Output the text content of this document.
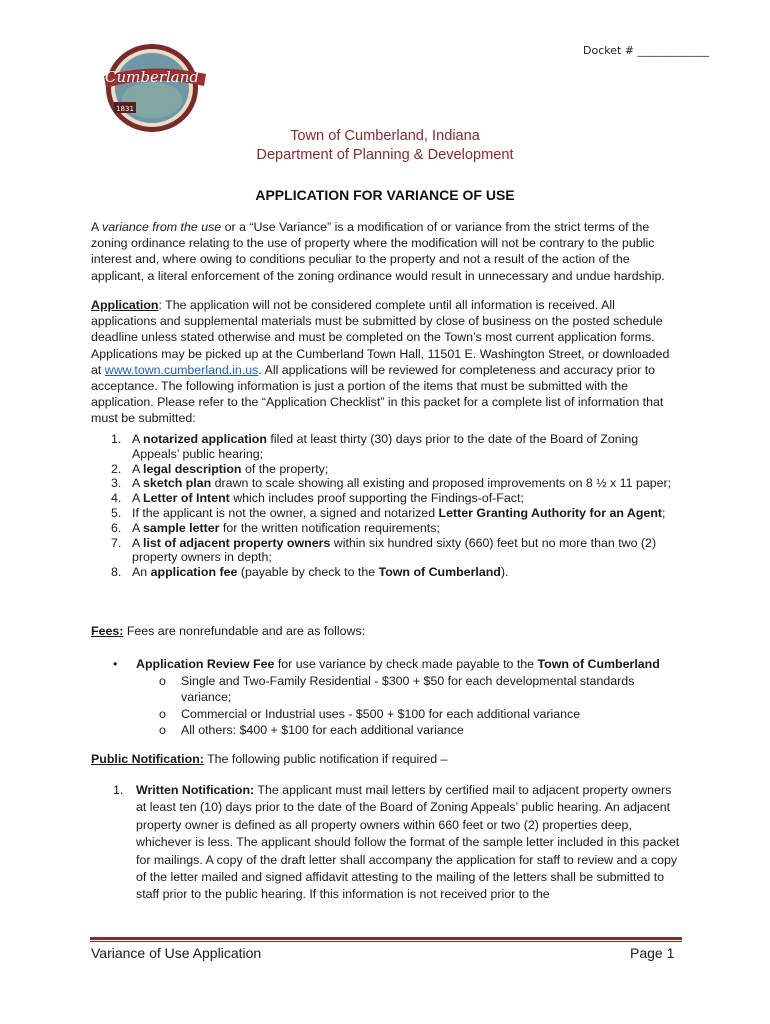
Docket # _____________
Cumberland
1831
Town of Cumberland, Indiana
Department of Planning & Development
APPLICATION FOR VARIANCE OF USE

A variance from the use or a “Use Variance” is a modification of or variance from the strict terms of the zoning ordinance relating to the use of property where the modification will not be contrary to the public interest and, where owing to conditions peculiar to the property and not a result of the action of the applicant, a literal enforcement of the zoning ordinance would result in unnecessary and undue hardship.

Application: The application will not be considered complete until all information is received. All applications and supplemental materials must be submitted by close of business on the posted schedule deadline unless stated otherwise and must be completed on the Town’s most current application forms. Applications may be picked up at the Cumberland Town Hall, 11501 E. Washington Street, or downloaded at www.town.cumberland.in.us. All applications will be reviewed for completeness and accuracy prior to acceptance. The following information is just a portion of the items that must be submitted with the application. Please refer to the “Application Checklist” in this packet for a complete list of information that must be submitted:

1. A notarized application filed at least thirty (30) days prior to the date of the Board of Zoning Appeals’ public hearing;
2. A legal description of the property;
3. A sketch plan drawn to scale showing all existing and proposed improvements on 8 ½ x 11 paper;
4. A Letter of Intent which includes proof supporting the Findings-of-Fact;
5. If the applicant is not the owner, a signed and notarized Letter Granting Authority for an Agent;
6. A sample letter for the written notification requirements;
7. A list of adjacent property owners within six hundred sixty (660) feet but no more than two (2) property owners in depth;
8. An application fee (payable by check to the Town of Cumberland).
Fees: Fees are nonrefundable and are as follows:
•	Application Review Fee for use variance by check made payable to the Town of Cumberland
o Single and Two-Family Residential - $300 + $50 for each developmental standards variance;
o Commercial or Industrial uses - $500 + $100 for each additional variance
o All others: $400 + $100 for each additional variance
Public Notification: The following public notification if required –
1.	Written Notification: The applicant must mail letters by certified mail to adjacent property owners at least ten (10) days prior to the date of the Board of Zoning Appeals’ public hearing. An adjacent property owner is defined as all property owners within 660 feet or two (2) properties deep, whichever is less. The applicant should follow the format of the sample letter included in this packet for mailings. A copy of the draft letter shall accompany the application for staff to review and a copy of the letter mailed and signed affidavit attesting to the mailing of the letters shall be submitted to staff prior to the public hearing. If this information is not received prior to the
Variance of Use Application	Page 1
